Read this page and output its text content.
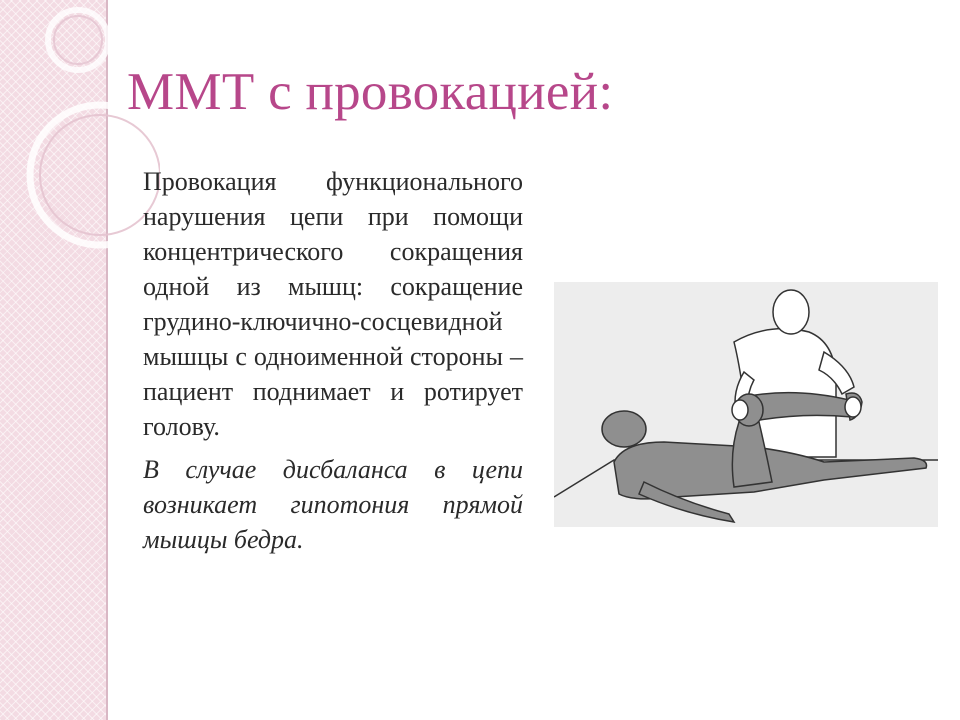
ММТ с провокацией:

Провокация функционального нарушения цепи при помощи концентрического сокращения одной из мышц: сокращение грудино-ключично-сосцевидной мышцы с одноименной стороны – пациент поднимает и ротирует голову.

В случае дисбаланса в цепи возникает гипотония прямой мышцы бедра.
